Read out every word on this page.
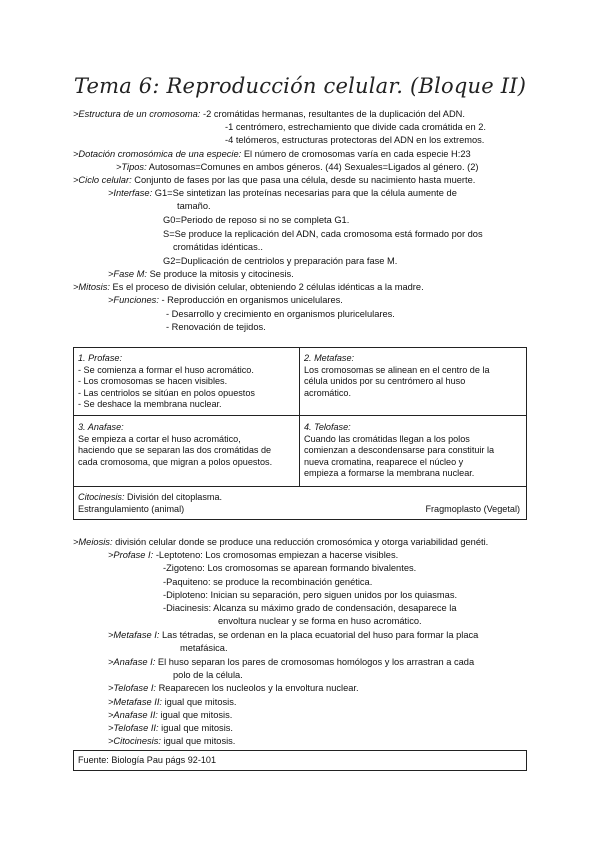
Tema 6: Reproducción celular. (Bloque II)
>Estructura de un cromosoma: -2 cromátidas hermanas, resultantes de la duplicación del ADN.
-1 centrómero, estrechamiento que divide cada cromátida en 2.
-4 telómeros, estructuras protectoras del ADN en los extremos.
>Dotación cromosómica de una especie: El número de cromosomas varía en cada especie H:23
>Tipos: Autosomas=Comunes en ambos géneros. (44) Sexuales=Ligados al género. (2)
>Ciclo celular: Conjunto de fases por las que pasa una célula, desde su nacimiento hasta muerte.
>Interfase: G1=Se sintetizan las proteínas necesarias para que la célula aumente de
tamaño.
G0=Periodo de reposo si no se completa G1.
S=Se produce la replicación del ADN, cada cromosoma está formado por dos
cromátidas idénticas..
G2=Duplicación de centriolos y preparación para fase M.
>Fase M: Se produce la mitosis y citocinesis.
>Mitosis: Es el proceso de división celular, obteniendo 2 células idénticas a la madre.
>Funciones: - Reproducción en organismos unicelulares.
- Desarrollo y crecimiento en organismos pluricelulares.
- Renovación de tejidos.
1. Profase:
- Se comienza a formar el huso acromático.
- Los cromosomas se hacen visibles.
- Las centriolos se sitúan en polos opuestos
- Se deshace la membrana nuclear.
2. Metafase:
Los cromosomas se alinean en el centro de la
célula unidos por su centrómero al huso
acromático.
3. Anafase:
Se empieza a cortar el huso acromático,
haciendo que se separan las dos cromátidas de
cada cromosoma, que migran a polos opuestos.
4. Telofase:
Cuando las cromátidas llegan a los polos
comienzan a descondensarse para constituir la
nueva cromatina, reaparece el núcleo y
empieza a formarse la membrana nuclear.
Citocinesis: División del citoplasma.
Estrangulamiento (animal)	Fragmoplasto (Vegetal)
>Meiosis: división celular donde se produce una reducción cromosómica y otorga variabilidad genéti.
>Profase I: -Leptoteno: Los cromosomas empiezan a hacerse visibles.
-Zigoteno: Los cromosomas se aparean formando bivalentes.
-Paquiteno: se produce la recombinación genética.
-Diploteno: Inician su separación, pero siguen unidos por los quiasmas.
-Diacinesis: Alcanza su máximo grado de condensación, desaparece la
envoltura nuclear y se forma en huso acromático.
>Metafase I: Las tétradas, se ordenan en la placa ecuatorial del huso para formar la placa
metafásica.
>Anafase I: El huso separan los pares de cromosomas homólogos y los arrastran a cada
polo de la célula.
>Telofase I: Reaparecen los nucleolos y la envoltura nuclear.
>Metafase II: igual que mitosis.
>Anafase II: igual que mitosis.
>Telofase II: igual que mitosis.
>Citocinesis: igual que mitosis.
Fuente: Biología Pau págs 92-101
